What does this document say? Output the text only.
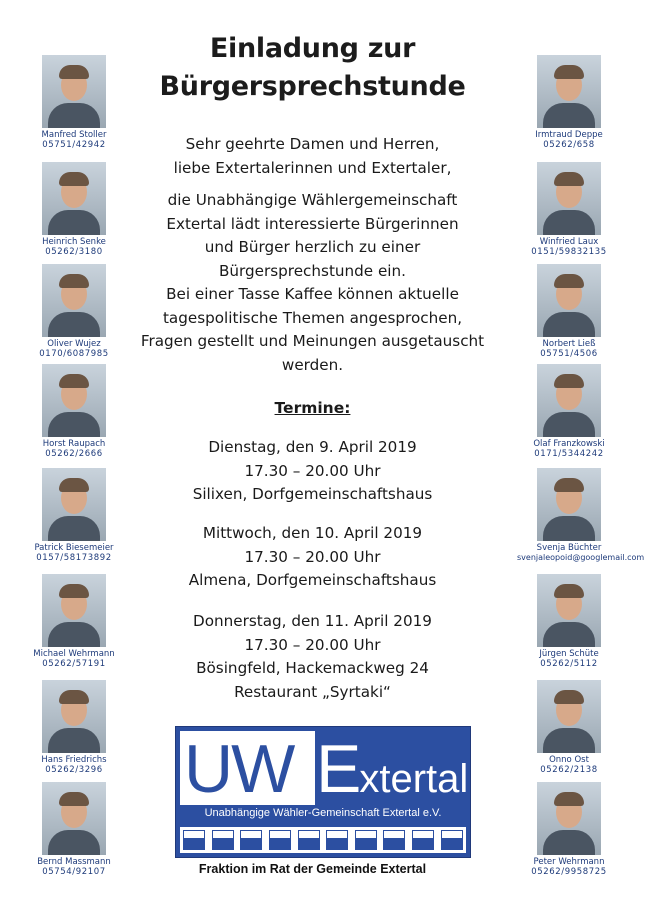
Einladung zur
Bürgersprechstunde
Sehr geehrte Damen und Herren,
liebe Extertalerinnen und Extertaler,
die Unabhängige Wählergemeinschaft
Extertal lädt interessierte Bürgerinnen
und Bürger herzlich zu einer
Bürgersprechstunde ein.
Bei einer Tasse Kaffee können aktuelle
tagespolitische Themen angesprochen,
Fragen gestellt und Meinungen ausgetauscht
werden.
Termine:
Dienstag, den 9. April 2019
17.30 – 20.00 Uhr
Silixen, Dorfgemeinschaftshaus
Mittwoch, den 10. April 2019
17.30 – 20.00 Uhr
Almena, Dorfgemeinschaftshaus
Donnerstag, den 11. April 2019
17.30 – 20.00 Uhr
Bösingfeld, Hackemackweg 24
Restaurant „Syrtaki“
Manfred Stoller
05751/42942
Heinrich Senke
05262/3180
Oliver Wujez
0170/6087985
Horst Raupach
05262/2666
Patrick Biesemeier
0157/58173892
Michael Wehrmann
05262/57191
Hans Friedrichs
05262/3296
Bernd Massmann
05754/92107
Irmtraud Deppe
05262/658
Winfried Laux
0151/59832135
Norbert Ließ
05751/4506
Olaf Franzkowski
0171/5344242
Svenja Büchter
svenjaleopoid@googlemail.com
Jürgen Schüte
05262/5112
Onno Ost
05262/2138
Peter Wehrmann
05262/9958725
UW Extertal
Unabhängige Wähler-Gemeinschaft Extertal e.V.
Fraktion im Rat der Gemeinde Extertal
